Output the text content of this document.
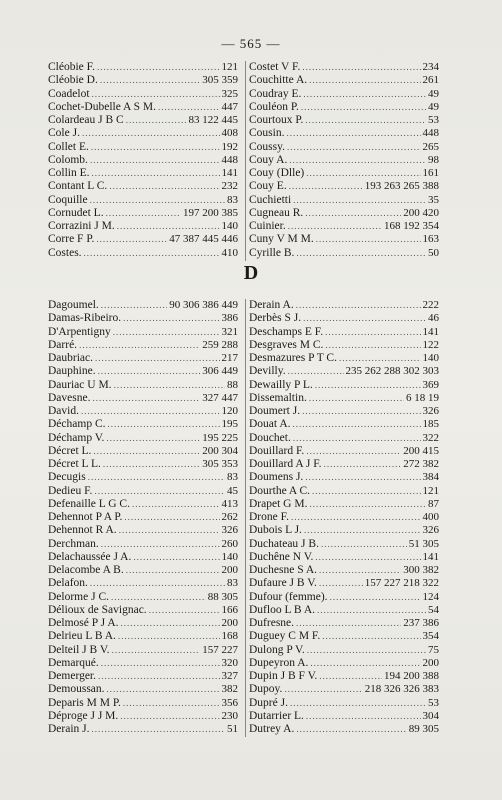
— 565 —
Cléobie F. .....	121
Cléobie D. .....	305 359
Coadelot .....	325
Cochet-Dubelle A S M. .....	447
Colardeau J B C .....	83 122 445
Cole J. .....	408
Collet E. .....	192
Colomb. .....	448
Collin E. .....	141
Contant L C. .....	232
Coquille .....	83
Cornudet L. .....	197 200 385
Corrazini J M. .....	140
Corre F P. .....	47 387 445 446
Costes. .....	410
Costet V F. .....	234
Couchitte A. .....	261
Coudray E. .....	49
Couléon P. .....	49
Courtoux P. .....	53
Cousin. .....	448
Coussy. .....	265
Couy A. .....	98
Couy (Dlle) .....	161
Couy E. .....	193 263 265 388
Cuchietti .....	35
Cugneau R. .....	200 420
Cuinier. .....	168 192 354
Cuny V M M. .....	163
Cyrille B. .....	50
D
Dagoumel. .....	90 306 386 449
Damas-Ribeiro. .....	386
D'Arpentigny .....	321
Darré. .....	259 288
Daubriac. .....	217
Dauphine. .....	306 449
Dauriac U M. .....	88
Davesne. .....	327 447
David. .....	120
Déchamp C. .....	195
Déchamp V. .....	195 225
Décret L. .....	200 304
Décret L L. .....	305 353
Decugis .....	83
Dedieu F. .....	45
Defenaille L G C. .....	413
Dehennot P A P. .....	262
Dehennot R A. .....	326
Derchman. .....	260
Delachaussée J A. .....	140
Delacombe A B. .....	200
Delafon. .....	83
Delorme J C. .....	88 305
Délioux de Savignac. .....	166
Delmosé P J A. .....	200
Delrieu L B A. .....	168
Delteil J B V. .....	157 227
Demarqué. .....	320
Demerger. .....	327
Demoussan. .....	382
Deparis M M P. .....	356
Déproge J J M. .....	230
Derain J. .....	51
Derain A. .....	222
Derbès S J. .....	46
Deschamps E F. .....	141
Desgraves M C. .....	122
Desmazures P T C. .....	140
Devilly. .....	235 262 288 302 303
Dewailly P L. .....	369
Dissemaltin. .....	6 18 19
Doumert J. .....	326
Douat A. .....	185
Douchet. .....	322
Douillard F. .....	200 415
Douillard A J F. .....	272 382
Doumens J. .....	384
Dourthe A C. .....	121
Drapet G M. .....	87
Drone F. .....	400
Dubois L J. .....	326
Duchateau J B. .....	51 305
Duchêne N V. .....	141
Duchesne S A. .....	300 382
Dufaure J B V. .....	157 227 218 322
Dufour (femme). .....	124
Dufloo L B A. .....	54
Dufresne. .....	237 386
Duguey C M F. .....	354
Dulong P V. .....	75
Dupeyron A. .....	200
Dupin J B F V. .....	194 200 388
Dupoy. .....	218 326 326 383
Dupré J. .....	53
Dutarrier L. .....	304
Dutrey A. .....	89 305
